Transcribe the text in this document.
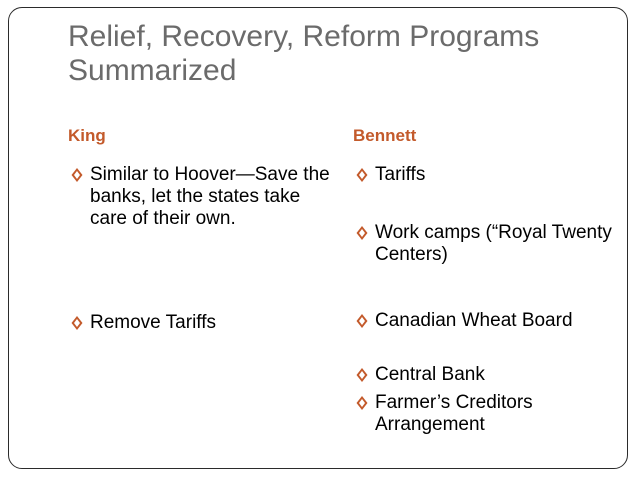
Relief, Recovery, Reform Programs Summarized
King
Similar to Hoover—Save the banks, let the states take care of their own.
Remove Tariffs
Bennett
Tariffs
Work camps (“Royal Twenty Centers)
Canadian Wheat Board
Central Bank
Farmer’s Creditors Arrangement
